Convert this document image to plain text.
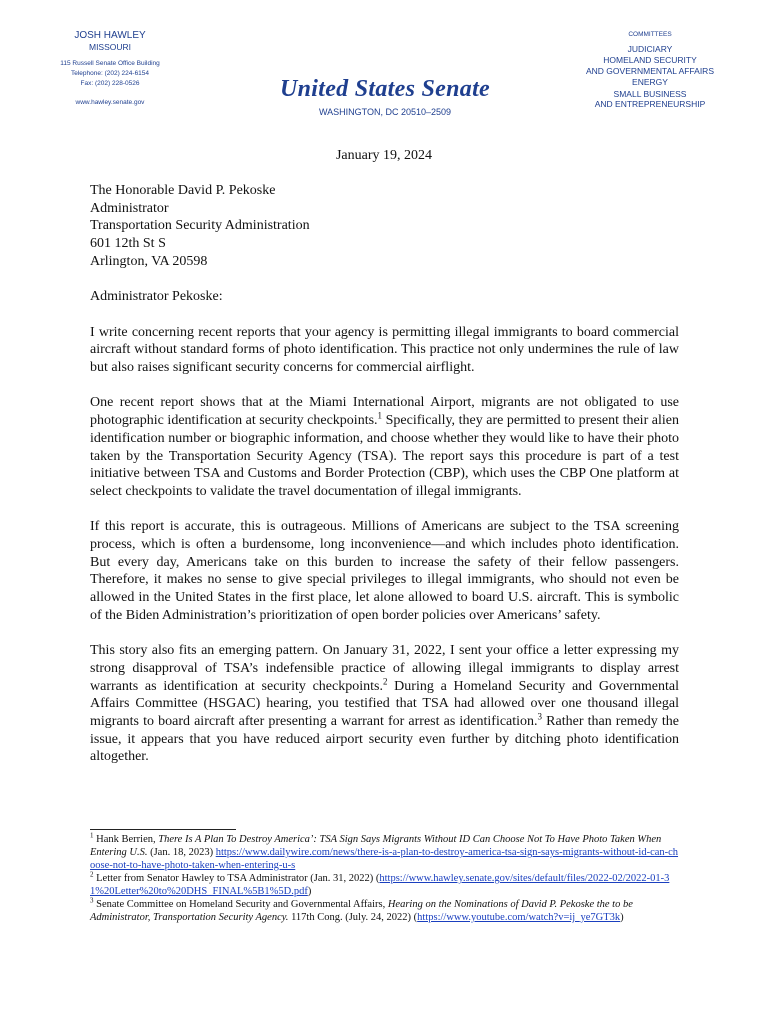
JOSH HAWLEY
MISSOURI
115 Russell Senate Office Building
Telephone: (202) 224-6154
Fax: (202) 228-0526
www.hawley.senate.gov
United States Senate
WASHINGTON, DC 20510–2509
COMMITTEES
JUDICIARY
HOMELAND SECURITY
AND GOVERNMENTAL AFFAIRS
ENERGY
SMALL BUSINESS
AND ENTREPRENEURSHIP
January 19, 2024
The Honorable David P. Pekoske
Administrator
Transportation Security Administration
601 12th St S
Arlington, VA 20598
Administrator Pekoske:

I write concerning recent reports that your agency is permitting illegal immigrants to board commercial aircraft without standard forms of photo identification. This practice not only undermines the rule of law but also raises significant security concerns for commercial airflight.

One recent report shows that at the Miami International Airport, migrants are not obligated to use photographic identification at security checkpoints.$^1$ Specifically, they are permitted to present their alien identification number or biographic information, and choose whether they would like to have their photo taken by the Transportation Security Agency (TSA). The report says this procedure is part of a test initiative between TSA and Customs and Border Protection (CBP), which uses the CBP One platform at select checkpoints to validate the travel documentation of illegal immigrants.

If this report is accurate, this is outrageous. Millions of Americans are subject to the TSA screening process, which is often a burdensome, long inconvenience—and which includes photo identification. But every day, Americans take on this burden to increase the safety of their fellow passengers. Therefore, it makes no sense to give special privileges to illegal immigrants, who should not even be allowed in the United States in the first place, let alone allowed to board U.S. aircraft. This is symbolic of the Biden Administration’s prioritization of open border policies over Americans’ safety.

This story also fits an emerging pattern. On January 31, 2022, I sent your office a letter expressing my strong disapproval of TSA’s indefensible practice of allowing illegal immigrants to display arrest warrants as identification at security checkpoints.$^2$ During a Homeland Security and Governmental Affairs Committee (HSGAC) hearing, you testified that TSA had allowed over one thousand illegal migrants to board aircraft after presenting a warrant for arrest as identification.$^3$ Rather than remedy the issue, it appears that you have reduced airport security even further by ditching photo identification altogether.

$^1$ Hank Berrien, There Is A Plan To Destroy America’: TSA Sign Says Migrants Without ID Can Choose Not To Have Photo Taken When Entering U.S. (Jan. 18, 2023) https://www.dailywire.com/news/there-is-a-plan-to-destroy-america-tsa-sign-says-migrants-without-id-can-choose-not-to-have-photo-taken-when-entering-u-s

$^2$ Letter from Senator Hawley to TSA Administrator (Jan. 31, 2022) (https://www.hawley.senate.gov/sites/default/files/2022-02/2022-01-31%20Letter%20to%20DHS_FINAL%5B1%5D.pdf)

$^3$ Senate Committee on Homeland Security and Governmental Affairs, Hearing on the Nominations of David P. Pekoske the to be Administrator, Transportation Security Agency. 117th Cong. (July. 24, 2022) (https://www.youtube.com/watch?v=ij_ye7GT3k)
